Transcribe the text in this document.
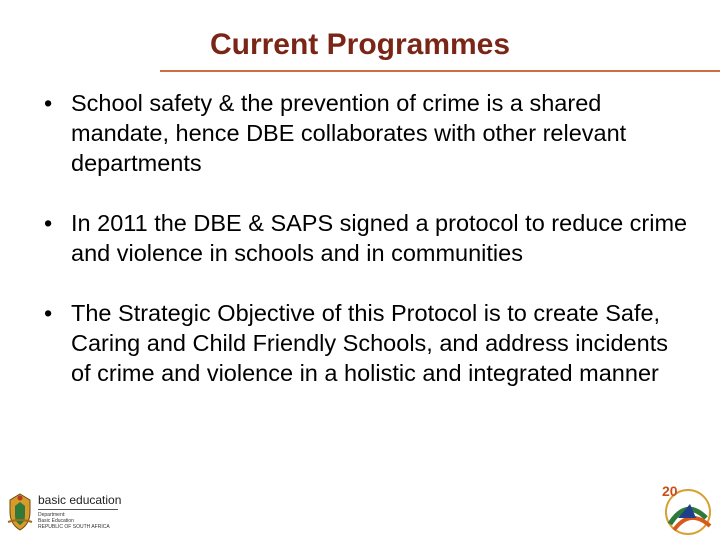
Current Programmes
• School safety & the prevention of crime is a shared mandate, hence DBE collaborates with other relevant departments
• In 2011 the DBE & SAPS signed a protocol to reduce crime and violence in schools and in communities
• The Strategic Objective of this Protocol is to create Safe, Caring and Child Friendly Schools, and address incidents of crime and violence in a holistic and integrated manner
basic education
Department:
Basic Education
REPUBLIC OF SOUTH AFRICA
20
